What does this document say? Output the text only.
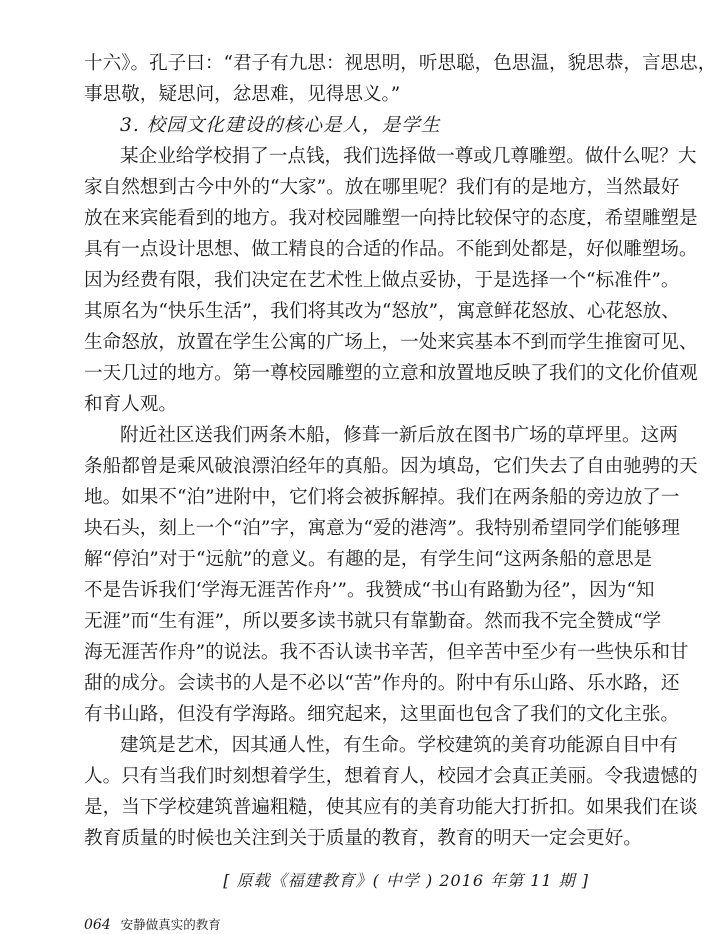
十六》。孔子曰：“君子有九思：视思明，听思聪，色思温，貌思恭，言思忠，
事思敬，疑思问，忿思难，见得思义。”
3. 校园文化建设的核心是人，是学生
某企业给学校捐了一点钱，我们选择做一尊或几尊雕塑。做什么呢？大
家自然想到古今中外的“大家”。放在哪里呢？我们有的是地方，当然最好
放在来宾能看到的地方。我对校园雕塑一向持比较保守的态度，希望雕塑是
具有一点设计思想、做工精良的合适的作品。不能到处都是，好似雕塑场。
因为经费有限，我们决定在艺术性上做点妥协，于是选择一个“标准件”。
其原名为“快乐生活”，我们将其改为“怒放”，寓意鲜花怒放、心花怒放、
生命怒放，放置在学生公寓的广场上，一处来宾基本不到而学生推窗可见、
一天几过的地方。第一尊校园雕塑的立意和放置地反映了我们的文化价值观
和育人观。
附近社区送我们两条木船，修葺一新后放在图书广场的草坪里。这两
条船都曾是乘风破浪漂泊经年的真船。因为填岛，它们失去了自由驰骋的天
地。如果不“泊”进附中，它们将会被拆解掉。我们在两条船的旁边放了一
块石头，刻上一个“泊”字，寓意为“爱的港湾”。我特别希望同学们能够理
解“停泊”对于“远航”的意义。有趣的是，有学生问“这两条船的意思是
不是告诉我们‘学海无涯苦作舟’”。我赞成“书山有路勤为径”，因为“知
无涯”而“生有涯”，所以要多读书就只有靠勤奋。然而我不完全赞成“学
海无涯苦作舟”的说法。我不否认读书辛苦，但辛苦中至少有一些快乐和甘
甜的成分。会读书的人是不必以“苦”作舟的。附中有乐山路、乐水路，还
有书山路，但没有学海路。细究起来，这里面也包含了我们的文化主张。
建筑是艺术，因其通人性，有生命。学校建筑的美育功能源自目中有
人。只有当我们时刻想着学生，想着育人，校园才会真正美丽。令我遗憾的
是，当下学校建筑普遍粗糙，使其应有的美育功能大打折扣。如果我们在谈
教育质量的时候也关注到关于质量的教育，教育的明天一定会更好。
[ 原载《福建教育》( 中学 ) 2016 年第 11 期 ]
064 安静做真实的教育
